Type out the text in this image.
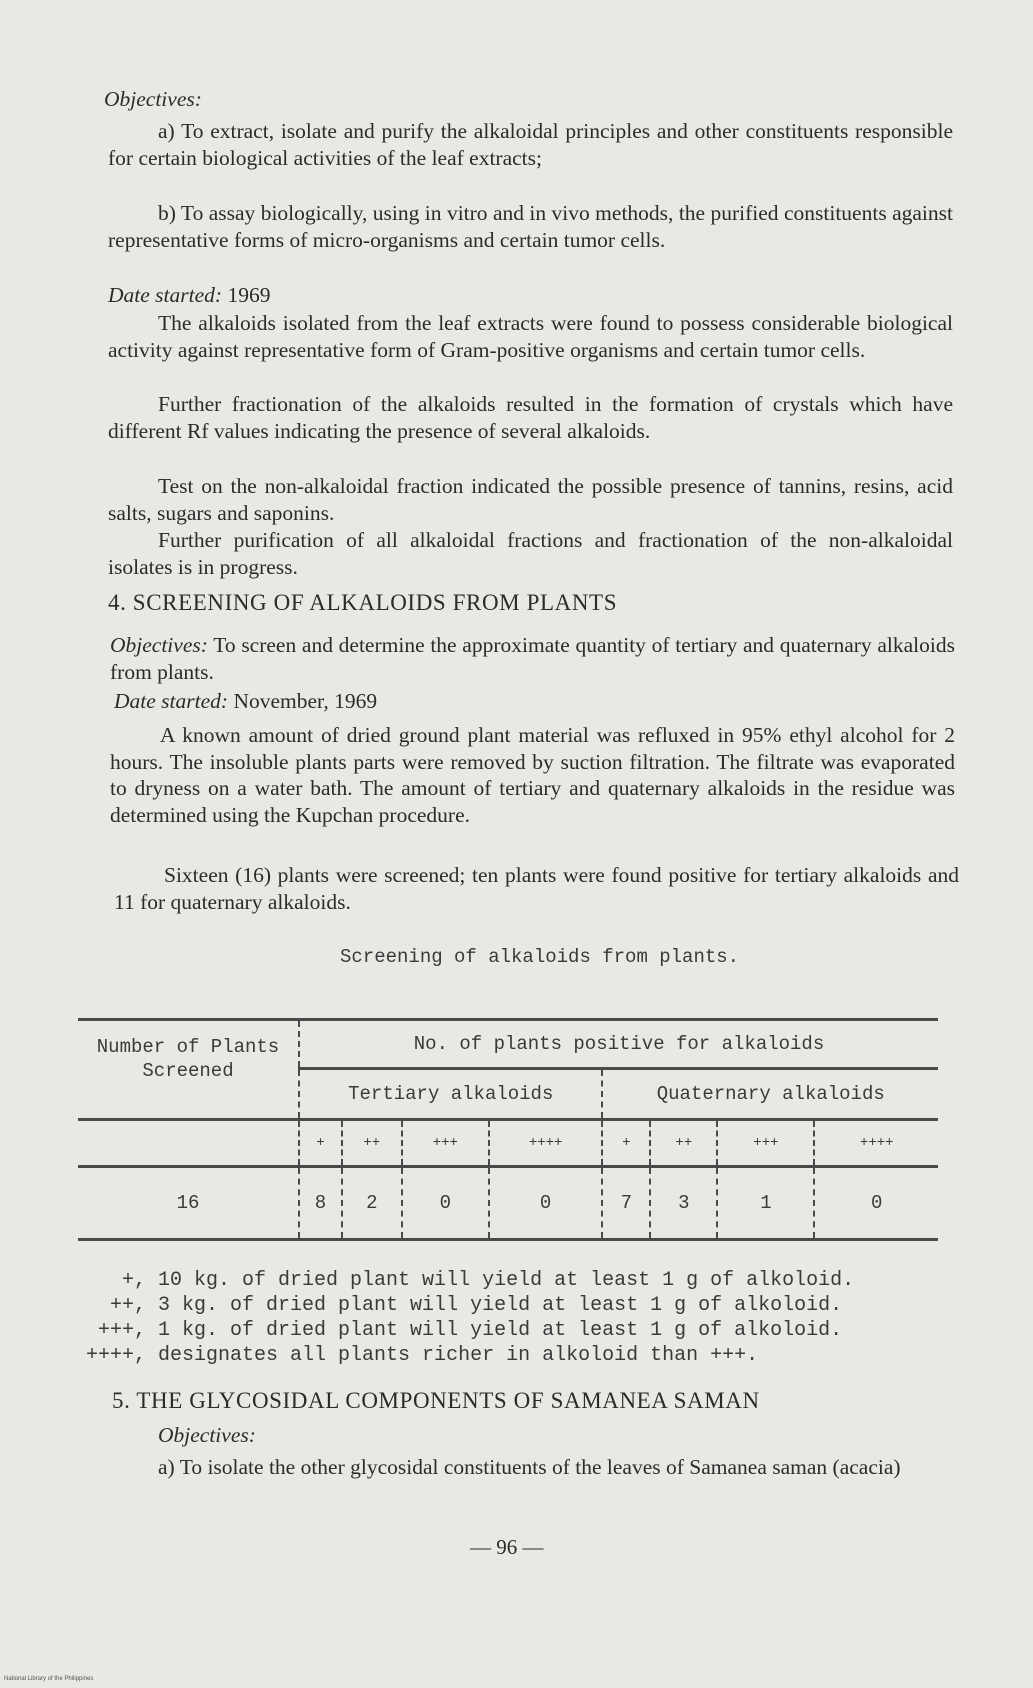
Objectives:
a) To extract, isolate and purify the alkaloidal principles and other constituents responsible for certain biological activities of the leaf extracts;
b) To assay biologically, using in vitro and in vivo methods, the purified constituents against representative forms of micro-organisms and certain tumor cells.
Date started: 1969
The alkaloids isolated from the leaf extracts were found to possess considerable biological activity against representative form of Gram-positive organisms and certain tumor cells.
Further fractionation of the alkaloids resulted in the formation of crystals which have different Rf values indicating the presence of several alkaloids.
Test on the non-alkaloidal fraction indicated the possible presence of tannins, resins, acid salts, sugars and saponins.
Further purification of all alkaloidal fractions and fractionation of the non-alkaloidal isolates is in progress.
4. SCREENING OF ALKALOIDS FROM PLANTS
Objectives: To screen and determine the approximate quantity of tertiary and quaternary alkaloids from plants.
Date started: November, 1969
A known amount of dried ground plant material was refluxed in 95% ethyl alcohol for 2 hours. The insoluble plants parts were removed by suction filtration. The filtrate was evaporated to dryness on a water bath. The amount of tertiary and quaternary alkaloids in the residue was determined using the Kupchan procedure.
Sixteen (16) plants were screened; ten plants were found positive for tertiary alkaloids and 11 for quaternary alkaloids.
Screening of alkaloids from plants.
Number of Plants Screened	No. of plants positive for alkaloids							
	Tertiary alkaloids				Quaternary alkaloids			
	+	++	+++	++++	+	++	+++	++++
16	8	2	0	0	7	3	1	0
+, 10 kg. of dried plant will yield at least 1 g of alkoloid.
++, 3 kg. of dried plant will yield at least 1 g of alkoloid.
+++, 1 kg. of dried plant will yield at least 1 g of alkoloid.
++++, designates all plants richer in alkoloid than +++.
5. THE GLYCOSIDAL COMPONENTS OF SAMANEA SAMAN
Objectives:
a) To isolate the other glycosidal constituents of the leaves of Samanea saman (acacia)
— 96 —
National Library of the Philippines
